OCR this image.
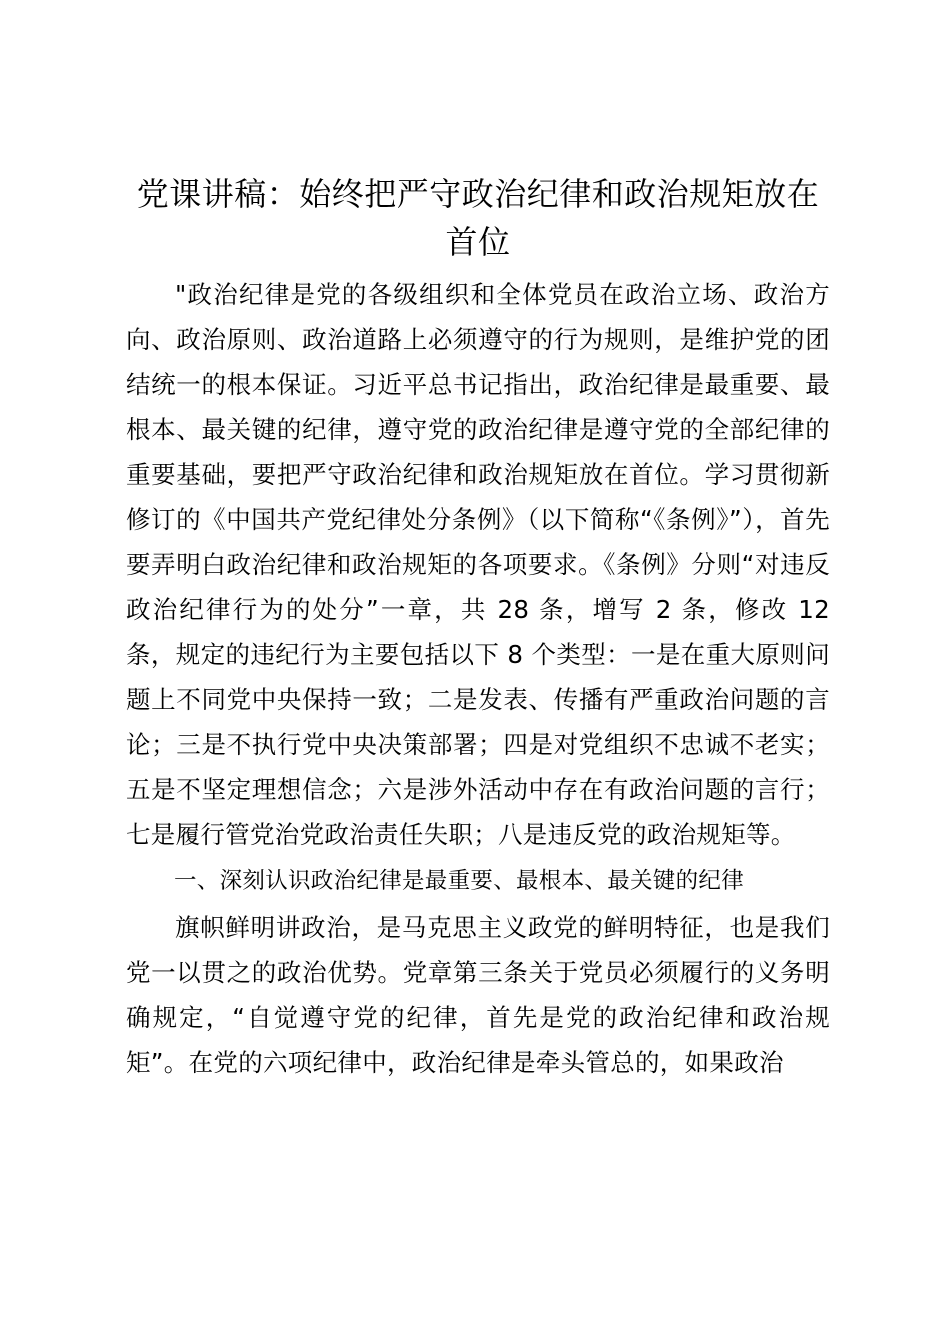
党课讲稿：始终把严守政治纪律和政治规矩放在首位

"政治纪律是党的各级组织和全体党员在政治立场、政治方向、政治原则、政治道路上必须遵守的行为规则，是维护党的团结统一的根本保证。习近平总书记指出，政治纪律是最重要、最根本、最关键的纪律，遵守党的政治纪律是遵守党的全部纪律的重要基础，要把严守政治纪律和政治规矩放在首位。学习贯彻新修订的《中国共产党纪律处分条例》（以下简称“《条例》”），首先要弄明白政治纪律和政治规矩的各项要求。《条例》分则“对违反政治纪律行为的处分”一章，共 28 条，增写 2 条，修改 12 条，规定的违纪行为主要包括以下 8 个类型：一是在重大原则问题上不同党中央保持一致；二是发表、传播有严重政治问题的言论；三是不执行党中央决策部署；四是对党组织不忠诚不老实；五是不坚定理想信念；六是涉外活动中存在有政治问题的言行；七是履行管党治党政治责任失职；八是违反党的政治规矩等。

一、深刻认识政治纪律是最重要、最根本、最关键的纪律

旗帜鲜明讲政治，是马克思主义政党的鲜明特征，也是我们党一以贯之的政治优势。党章第三条关于党员必须履行的义务明确规定，“自觉遵守党的纪律，首先是党的政治纪律和政治规矩”。在党的六项纪律中，政治纪律是牵头管总的，如果政治
